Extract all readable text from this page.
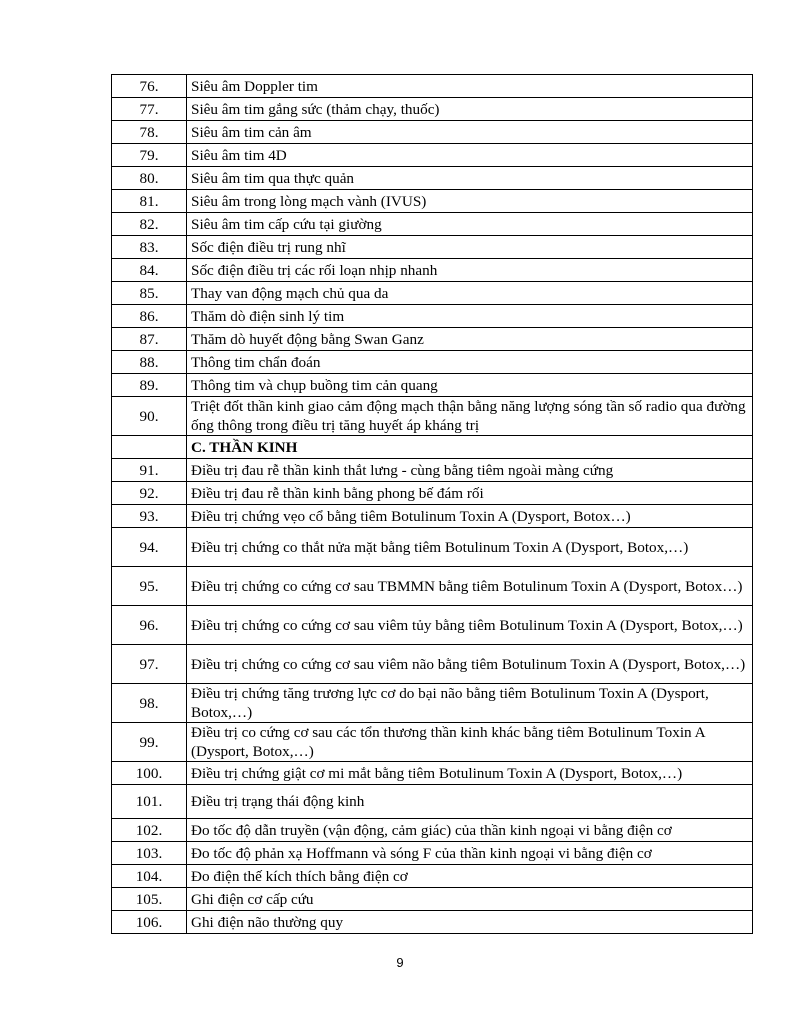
76.	Siêu âm Doppler tim
77.	Siêu âm tim gắng sức (thảm chạy, thuốc)
78.	Siêu âm tim cản âm
79.	Siêu âm tim 4D
80.	Siêu âm tim qua thực quản
81.	Siêu âm trong lòng mạch vành (IVUS)
82.	Siêu âm tim cấp cứu tại giường
83.	Sốc điện điều trị rung nhĩ
84.	Sốc điện điều trị các rối loạn nhịp nhanh
85.	Thay van động mạch chủ qua da
86.	Thăm dò điện sinh lý tim
87.	Thăm dò huyết động bằng Swan Ganz
88.	Thông tim chẩn đoán
89.	Thông tim và chụp buồng tim cản quang
90.	Triệt đốt thần kinh giao cảm động mạch thận bằng năng lượng sóng tần số radio qua đường ống thông trong điều trị tăng huyết áp kháng trị
	C. THẦN KINH
91.	Điều trị đau rễ thần kinh thắt lưng - cùng bằng tiêm ngoài màng cứng
92.	Điều trị đau rễ thần kinh bằng phong bế đám rối
93.	Điều trị chứng vẹo cổ bằng tiêm Botulinum Toxin A (Dysport, Botox…)
94.	Điều trị chứng co thắt nửa mặt bằng tiêm Botulinum Toxin A (Dysport, Botox,…)
95.	Điều trị chứng co cứng cơ sau TBMMN bằng tiêm Botulinum Toxin A (Dysport, Botox…)
96.	Điều trị chứng co cứng cơ sau viêm tủy bằng tiêm Botulinum Toxin A (Dysport, Botox,…)
97.	Điều trị chứng co cứng cơ sau viêm não bằng tiêm Botulinum Toxin A (Dysport, Botox,…)
98.	Điều trị chứng tăng trương lực cơ do bại não bằng tiêm Botulinum Toxin A (Dysport, Botox,…)
99.	Điều trị co cứng cơ sau các tổn thương thần kinh khác bằng tiêm Botulinum Toxin A (Dysport, Botox,…)
100.	Điều trị chứng giật cơ mi mắt bằng tiêm Botulinum Toxin A (Dysport, Botox,…)
101.	Điều trị trạng thái động kinh
102.	Đo tốc độ dẫn truyền (vận động, cảm giác) của thần kinh ngoại vi bằng điện cơ
103.	Đo tốc độ phản xạ Hoffmann và sóng F của thần kinh ngoại vi bằng điện cơ
104.	Đo điện thế kích thích bằng điện cơ
105.	Ghi điện cơ cấp cứu
106.	Ghi điện não thường quy
9
